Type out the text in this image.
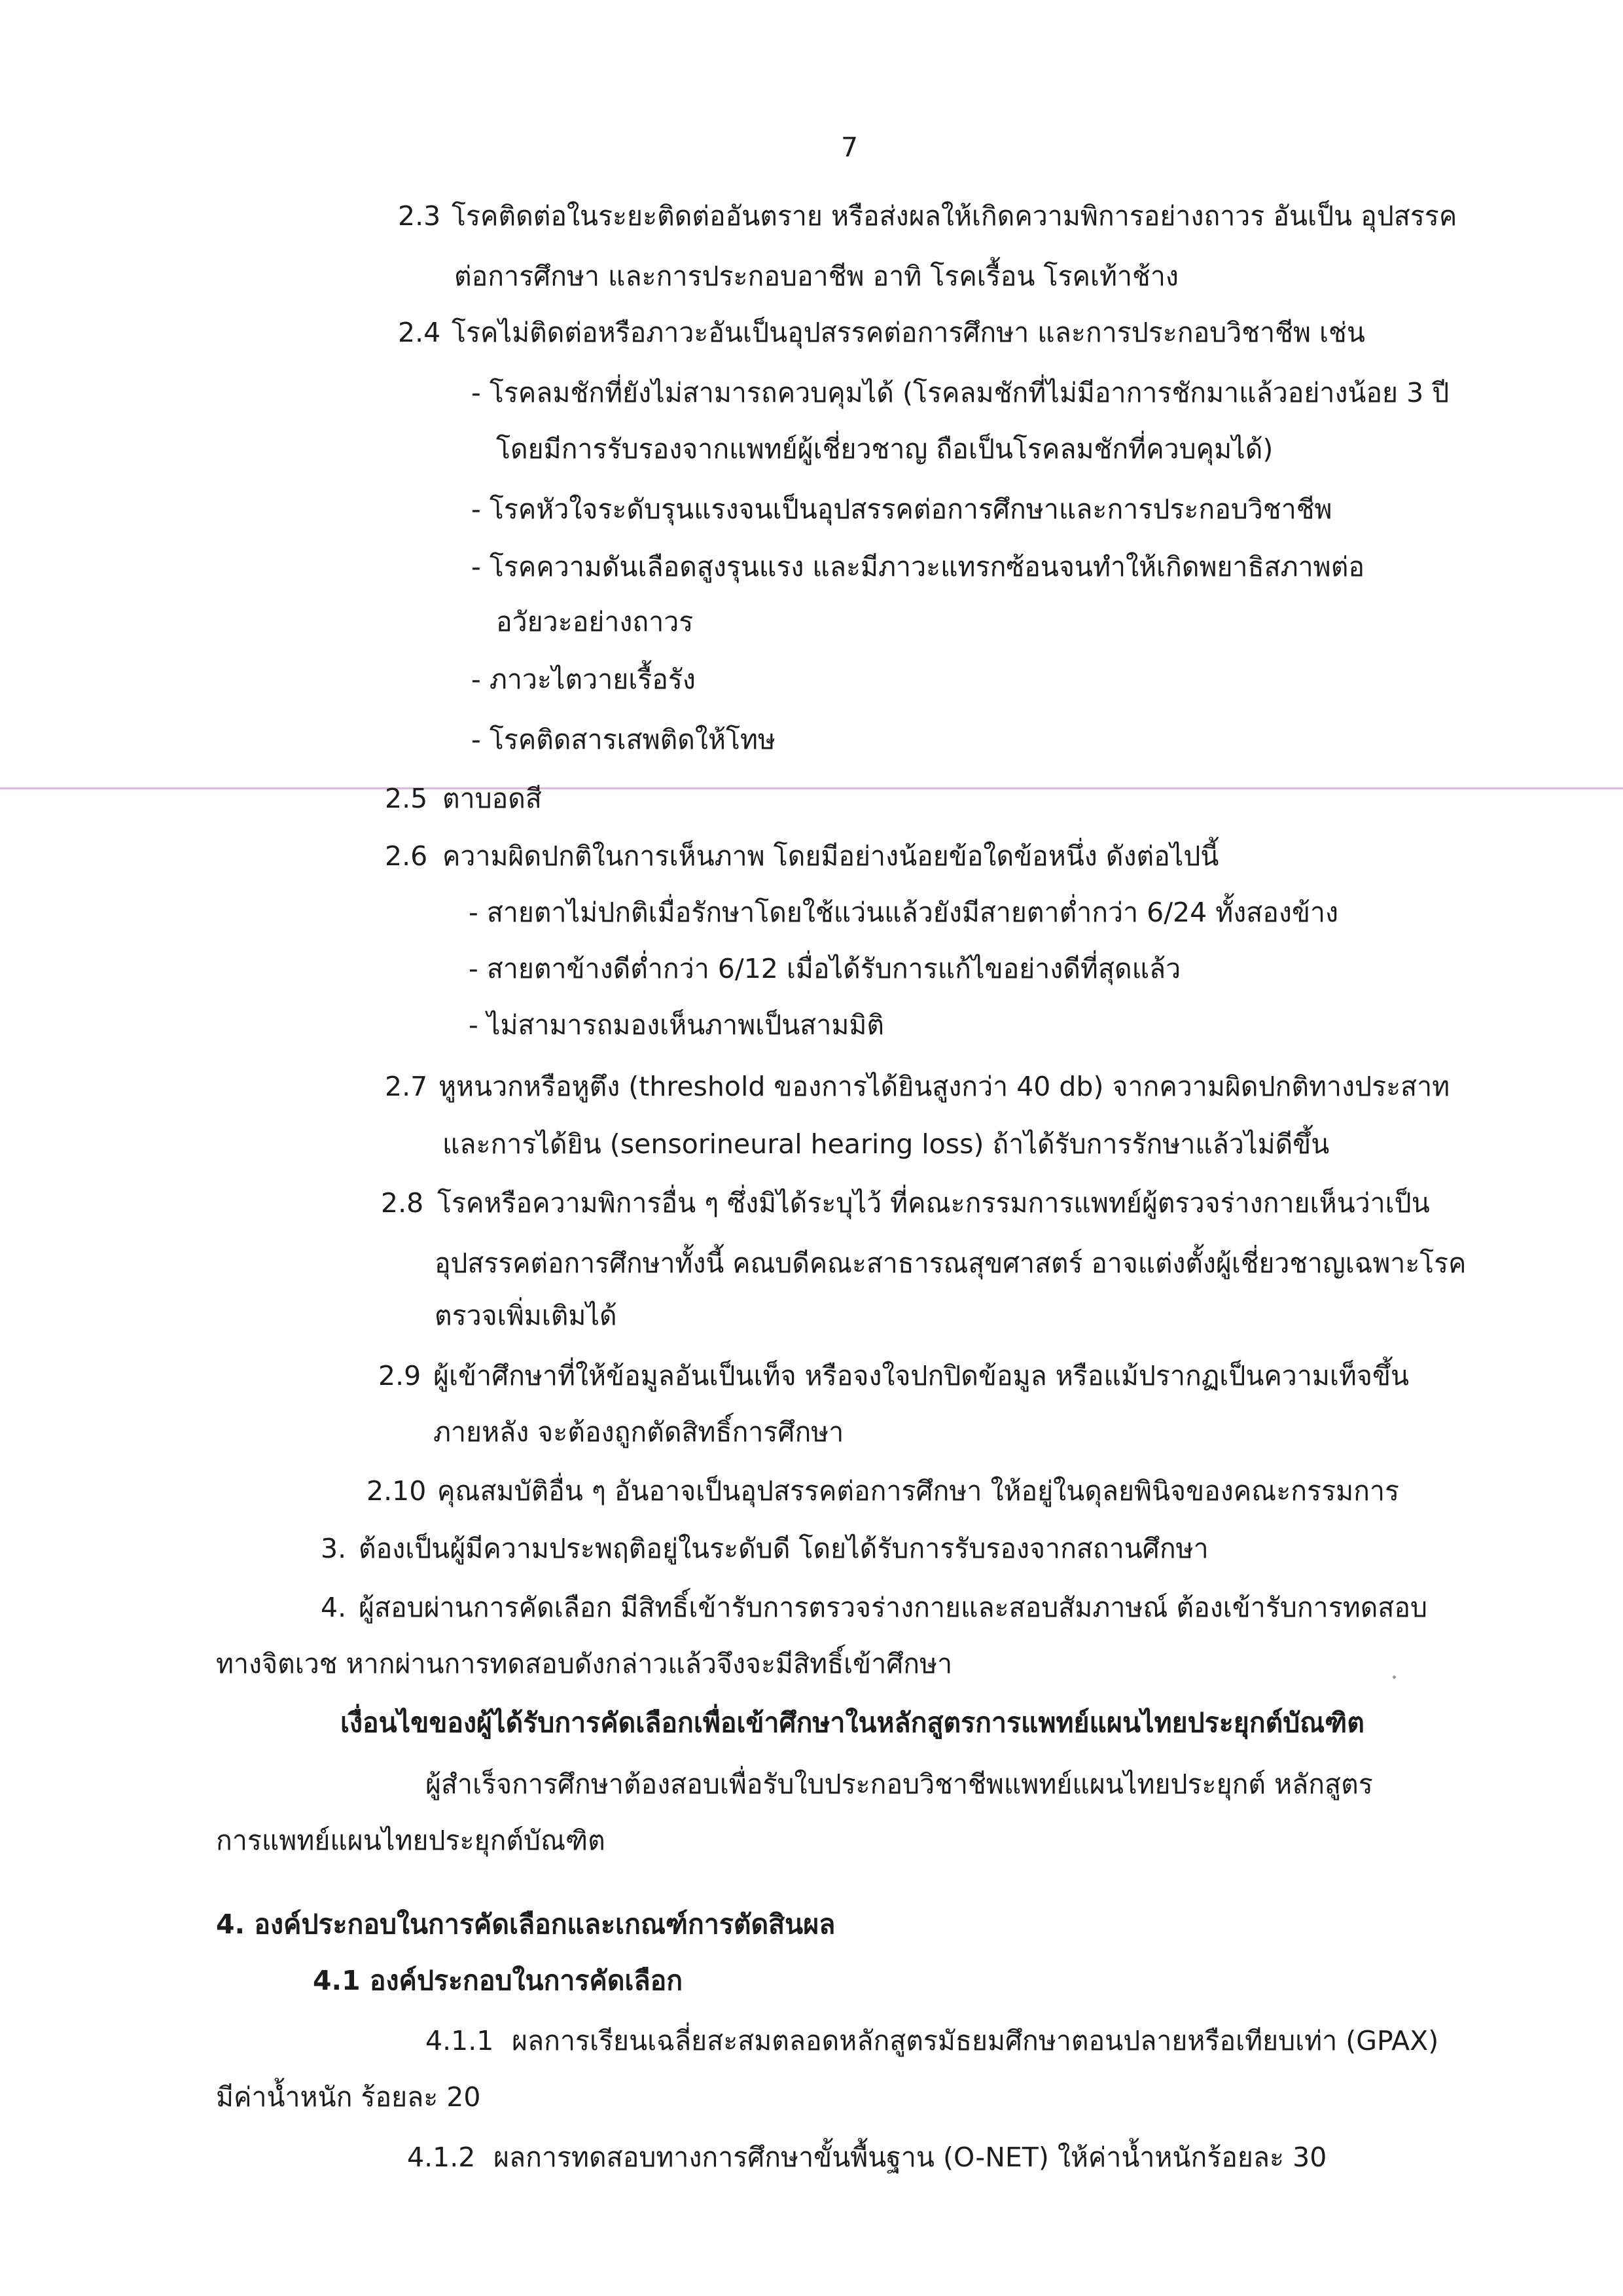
7
2.3 โรคติดต่อในระยะติดต่ออันตราย หรือส่งผลให้เกิดความพิการอย่างถาวร อันเป็น อุปสรรค
ต่อการศึกษา และการประกอบอาชีพ อาทิ โรคเรื้อน โรคเท้าช้าง
2.4 โรคไม่ติดต่อหรือภาวะอันเป็นอุปสรรคต่อการศึกษา และการประกอบวิชาชีพ เช่น
- โรคลมชักที่ยังไม่สามารถควบคุมได้ (โรคลมชักที่ไม่มีอาการชักมาแล้วอย่างน้อย 3 ปี
โดยมีการรับรองจากแพทย์ผู้เชี่ยวชาญ ถือเป็นโรคลมชักที่ควบคุมได้)
- โรคหัวใจระดับรุนแรงจนเป็นอุปสรรคต่อการศึกษาและการประกอบวิชาชีพ
- โรคความดันเลือดสูงรุนแรง และมีภาวะแทรกซ้อนจนทำให้เกิดพยาธิสภาพต่อ
อวัยวะอย่างถาวร
- ภาวะไตวายเรื้อรัง
- โรคติดสารเสพติดให้โทษ
2.5 ตาบอดสี
2.6 ความผิดปกติในการเห็นภาพ โดยมีอย่างน้อยข้อใดข้อหนึ่ง ดังต่อไปนี้
- สายตาไม่ปกติเมื่อรักษาโดยใช้แว่นแล้วยังมีสายตาต่ำกว่า 6/24 ทั้งสองข้าง
- สายตาข้างดีต่ำกว่า 6/12 เมื่อได้รับการแก้ไขอย่างดีที่สุดแล้ว
- ไม่สามารถมองเห็นภาพเป็นสามมิติ
2.7 หูหนวกหรือหูตึง (threshold ของการได้ยินสูงกว่า 40 db) จากความผิดปกติทางประสาท
และการได้ยิน (sensorineural hearing loss) ถ้าได้รับการรักษาแล้วไม่ดีขึ้น
2.8 โรคหรือความพิการอื่น ๆ ซึ่งมิได้ระบุไว้ ที่คณะกรรมการแพทย์ผู้ตรวจร่างกายเห็นว่าเป็น
อุปสรรคต่อการศึกษาทั้งนี้ คณบดีคณะสาธารณสุขศาสตร์ อาจแต่งตั้งผู้เชี่ยวชาญเฉพาะโรค
ตรวจเพิ่มเติมได้
2.9 ผู้เข้าศึกษาที่ให้ข้อมูลอันเป็นเท็จ หรือจงใจปกปิดข้อมูล หรือแม้ปรากฏเป็นความเท็จขึ้น
ภายหลัง จะต้องถูกตัดสิทธิ์การศึกษา
2.10 คุณสมบัติอื่น ๆ อันอาจเป็นอุปสรรคต่อการศึกษา ให้อยู่ในดุลยพินิจของคณะกรรมการ
3. ต้องเป็นผู้มีความประพฤติอยู่ในระดับดี โดยได้รับการรับรองจากสถานศึกษา
4. ผู้สอบผ่านการคัดเลือก มีสิทธิ์เข้ารับการตรวจร่างกายและสอบสัมภาษณ์ ต้องเข้ารับการทดสอบ
ทางจิตเวช หากผ่านการทดสอบดังกล่าวแล้วจึงจะมีสิทธิ์เข้าศึกษา
เงื่อนไขของผู้ได้รับการคัดเลือกเพื่อเข้าศึกษาในหลักสูตรการแพทย์แผนไทยประยุกต์บัณฑิต
ผู้สำเร็จการศึกษาต้องสอบเพื่อรับใบประกอบวิชาชีพแพทย์แผนไทยประยุกต์ หลักสูตร
การแพทย์แผนไทยประยุกต์บัณฑิต
4. องค์ประกอบในการคัดเลือกและเกณฑ์การตัดสินผล
4.1 องค์ประกอบในการคัดเลือก
4.1.1 ผลการเรียนเฉลี่ยสะสมตลอดหลักสูตรมัธยมศึกษาตอนปลายหรือเทียบเท่า (GPAX)
มีค่าน้ำหนัก ร้อยละ 20
4.1.2 ผลการทดสอบทางการศึกษาขั้นพื้นฐาน (O-NET) ให้ค่าน้ำหนักร้อยละ 30
